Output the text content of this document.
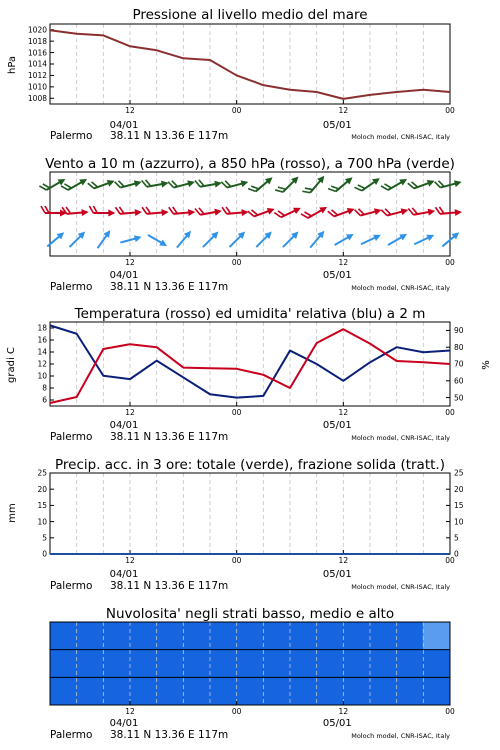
Pressione al livello medio del mare
hPa
12	00	12	00
04/01	05/01
Palermo 38.11 N 13.36 E 117m	Moloch model, CNR-ISAC, Italy
1008
1010
1012
1014
1016
1018
1020
Vento a 10 m (azzurro), a 850 hPa (rosso), a 700 hPa (verde)
12	00	12	00
04/01	05/01
Palermo 38.11 N 13.36 E 117m	Moloch model, CNR-ISAC, Italy
Temperatura (rosso) ed umidita' relativa (blu) a 2 m
gradi C	%
12	00	12	00
04/01	05/01
Palermo 38.11 N 13.36 E 117m	Moloch model, CNR-ISAC, Italy
6
8
10
12
14
16
18
50
60
70
80
90
Precip. acc. in 3 ore: totale (verde), frazione solida (tratt.)
mm
12	00	12	00
04/01	05/01
Palermo 38.11 N 13.36 E 117m	Moloch model, CNR-ISAC, Italy
0
5
10
15
20
25
0
5
10
15
20
25
Nuvolosita' negli strati basso, medio e alto
12	00	12	00
04/01	05/01
Palermo 38.11 N 13.36 E 117m	Moloch model, CNR-ISAC, Italy
